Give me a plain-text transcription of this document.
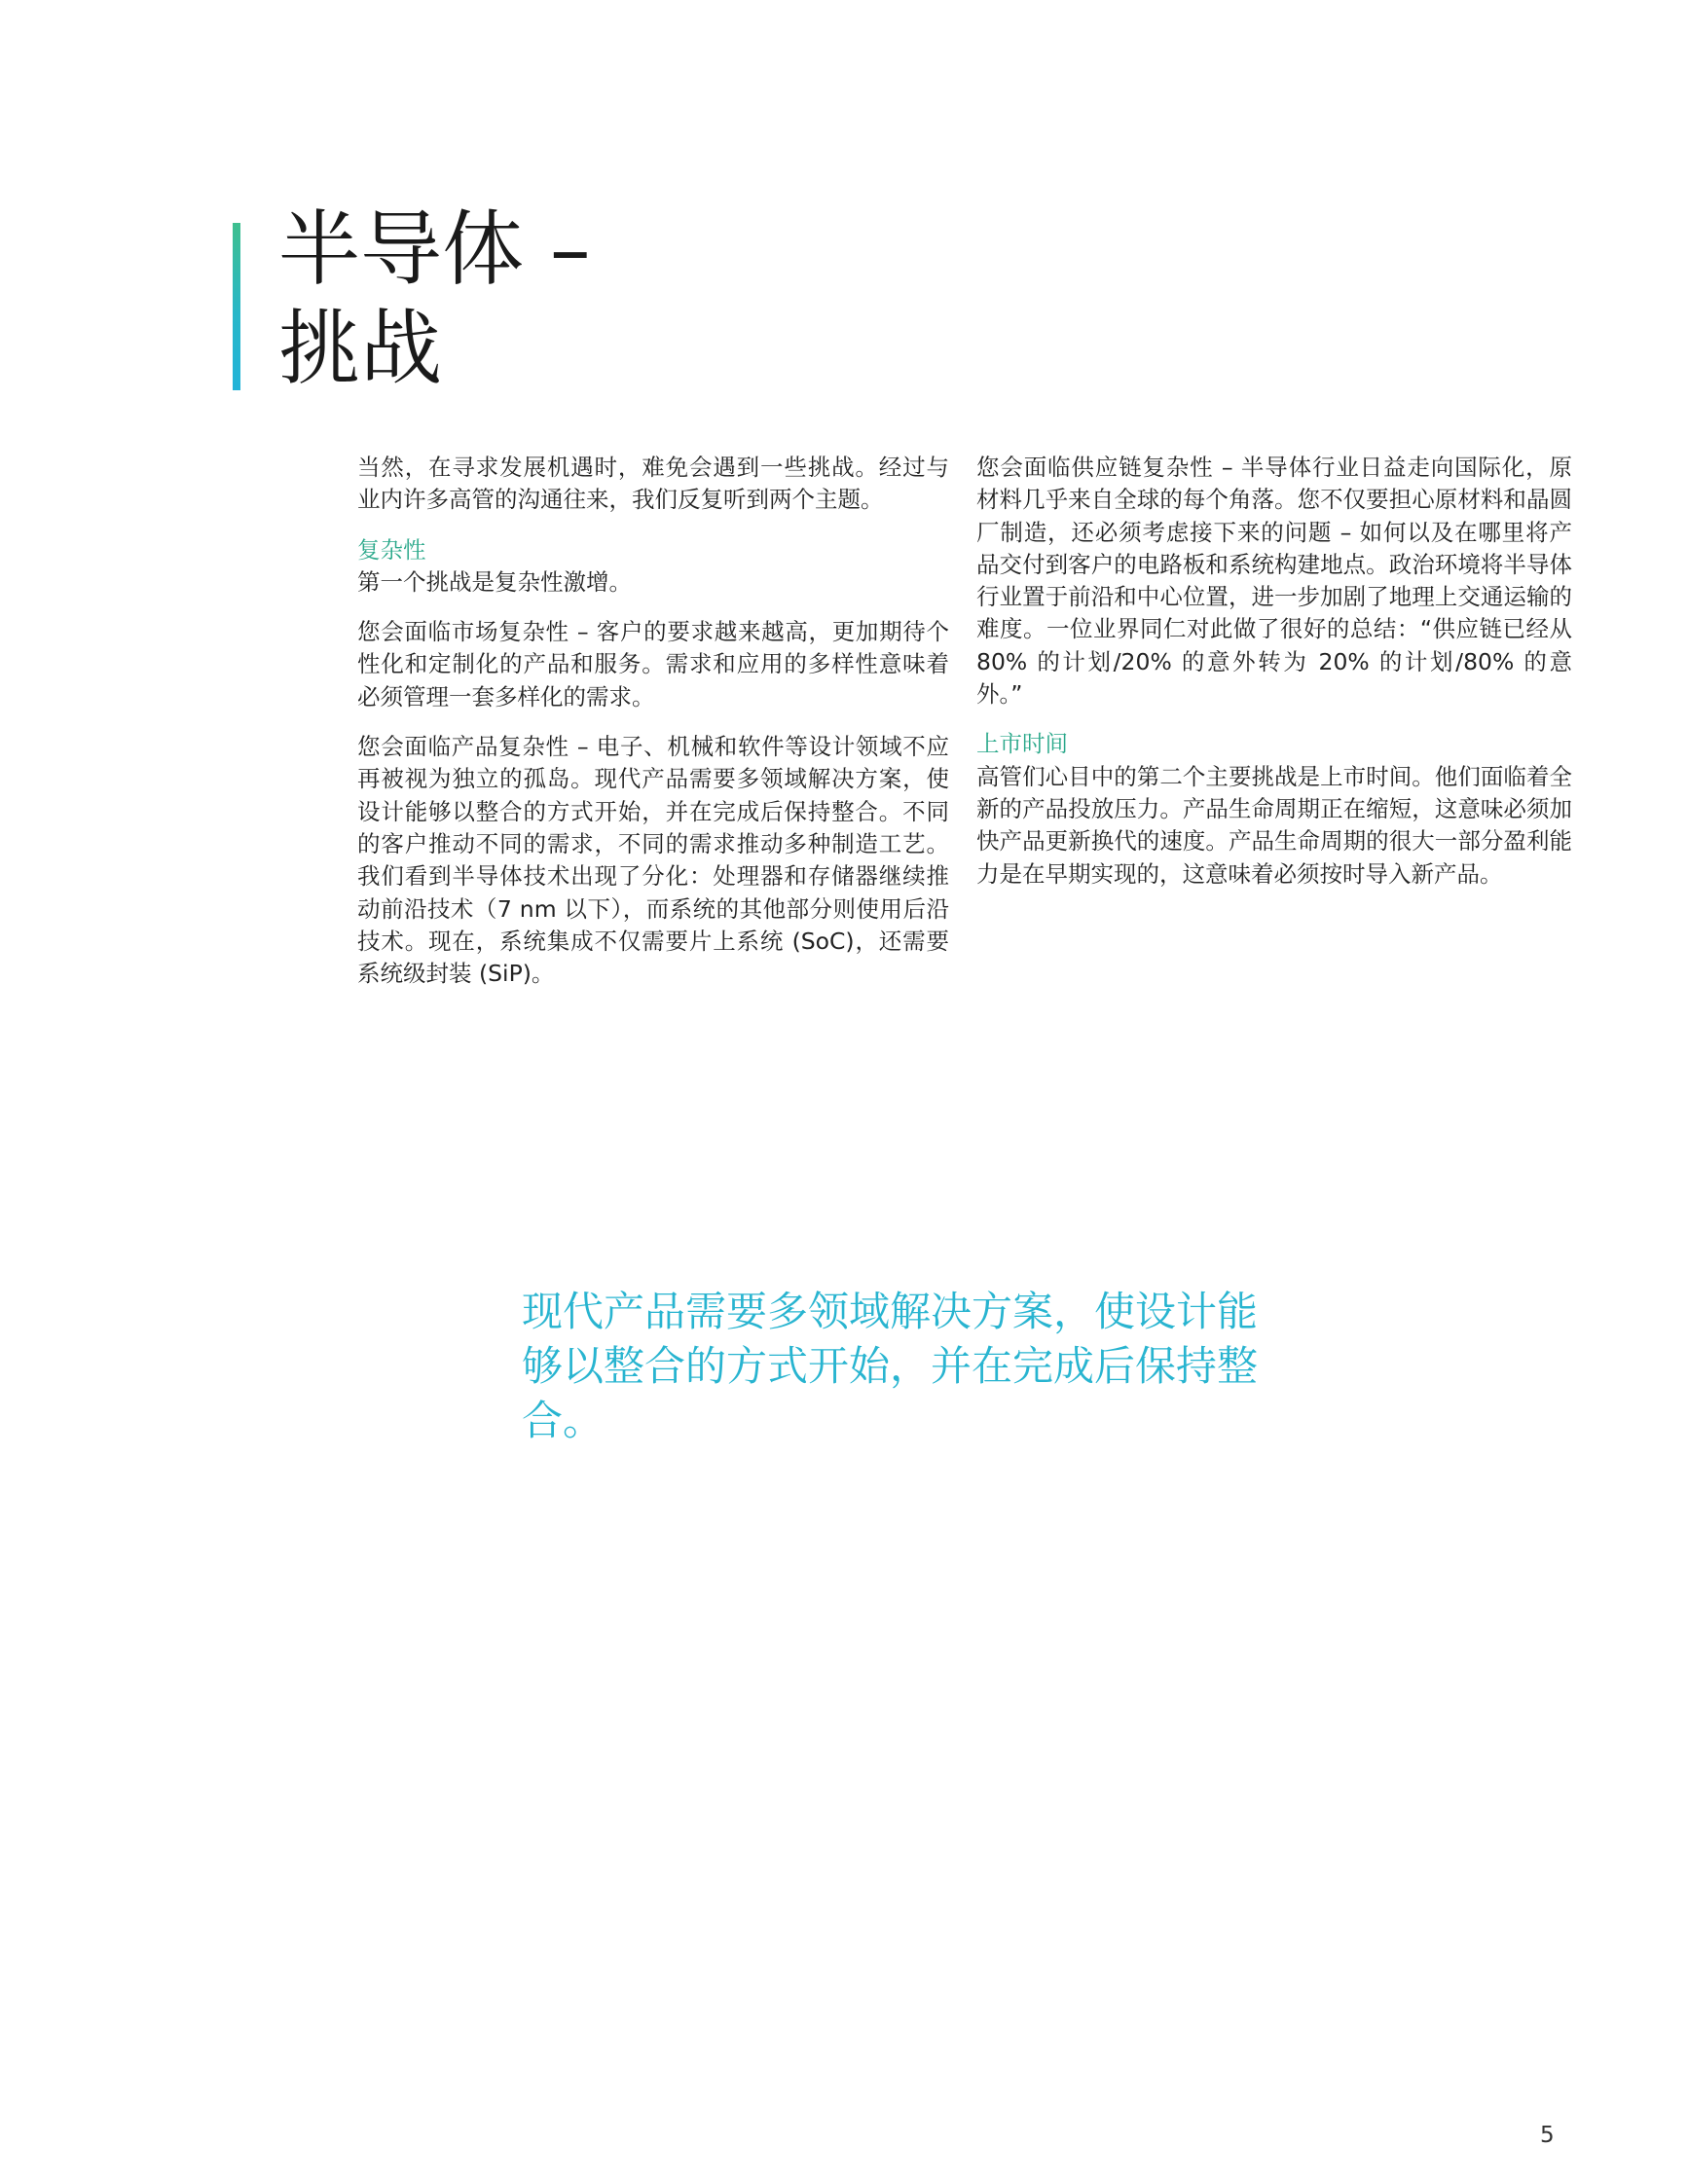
半导体 –
挑战

当然，在寻求发展机遇时，难免会遇到一些挑战。经过与业内许多高管的沟通往来，我们反复听到两个主题。

复杂性

第一个挑战是复杂性激增。

您会面临市场复杂性 – 客户的要求越来越高，更加期待个性化和定制化的产品和服务。需求和应用的多样性意味着必须管理一套多样化的需求。

您会面临产品复杂性 – 电子、机械和软件等设计领域不应再被视为独立的孤岛。现代产品需要多领域解决方案，使设计能够以整合的方式开始，并在完成后保持整合。不同的客户推动不同的需求，不同的需求推动多种制造工艺。我们看到半导体技术出现了分化：处理器和存储器继续推动前沿技术（7 nm 以下），而系统的其他部分则使用后沿技术。现在，系统集成不仅需要片上系统 (SoC)，还需要系统级封装 (SiP)。

您会面临供应链复杂性 – 半导体行业日益走向国际化，原材料几乎来自全球的每个角落。您不仅要担心原材料和晶圆厂制造，还必须考虑接下来的问题 – 如何以及在哪里将产品交付到客户的电路板和系统构建地点。政治环境将半导体行业置于前沿和中心位置，进一步加剧了地理上交通运输的难度。一位业界同仁对此做了很好的总结：“供应链已经从 80% 的计划/20% 的意外转为 20% 的计划/80% 的意外。”

上市时间

高管们心目中的第二个主要挑战是上市时间。他们面临着全新的产品投放压力。产品生命周期正在缩短，这意味必须加快产品更新换代的速度。产品生命周期的很大一部分盈利能力是在早期实现的，这意味着必须按时导入新产品。

现代产品需要多领域解决方案，使设计能够以整合的方式开始，并在完成后保持整合。

5
